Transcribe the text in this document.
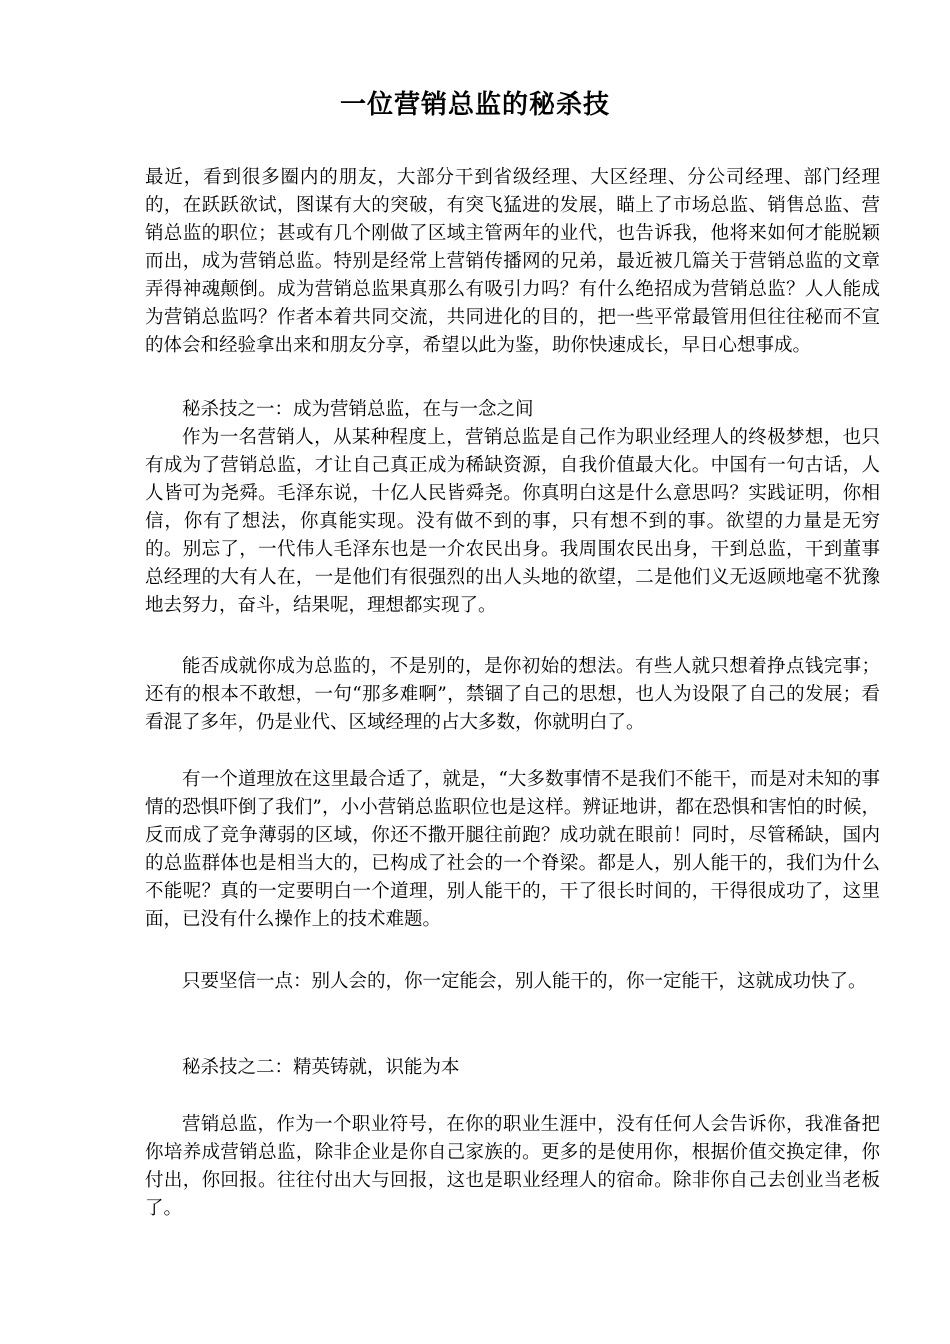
一位营销总监的秘杀技

最近，看到很多圈内的朋友，大部分干到省级经理、大区经理、分公司经理、部门经理的，在跃跃欲试，图谋有大的突破，有突飞猛进的发展，瞄上了市场总监、销售总监、营销总监的职位；甚或有几个刚做了区域主管两年的业代，也告诉我，他将来如何才能脱颖而出，成为营销总监。特别是经常上营销传播网的兄弟，最近被几篇关于营销总监的文章弄得神魂颠倒。成为营销总监果真那么有吸引力吗？有什么绝招成为营销总监？人人能成为营销总监吗？作者本着共同交流，共同进化的目的，把一些平常最管用但往往秘而不宣的体会和经验拿出来和朋友分享，希望以此为鉴，助你快速成长，早日心想事成。

秘杀技之一：成为营销总监，在与一念之间

作为一名营销人，从某种程度上，营销总监是自己作为职业经理人的终极梦想，也只有成为了营销总监，才让自己真正成为稀缺资源，自我价值最大化。中国有一句古话，人人皆可为尧舜。毛泽东说，十亿人民皆舜尧。你真明白这是什么意思吗？实践证明，你相信，你有了想法，你真能实现。没有做不到的事，只有想不到的事。欲望的力量是无穷的。别忘了，一代伟人毛泽东也是一介农民出身。我周围农民出身，干到总监，干到董事总经理的大有人在，一是他们有很强烈的出人头地的欲望，二是他们义无返顾地毫不犹豫地去努力，奋斗，结果呢，理想都实现了。

能否成就你成为总监的，不是别的，是你初始的想法。有些人就只想着挣点钱完事；还有的根本不敢想，一句“那多难啊”，禁锢了自己的思想，也人为设限了自己的发展；看看混了多年，仍是业代、区域经理的占大多数，你就明白了。

有一个道理放在这里最合适了，就是，“大多数事情不是我们不能干，而是对未知的事情的恐惧吓倒了我们”，小小营销总监职位也是这样。辨证地讲，都在恐惧和害怕的时候，反而成了竞争薄弱的区域，你还不撒开腿往前跑？成功就在眼前！同时，尽管稀缺，国内的总监群体也是相当大的，已构成了社会的一个脊梁。都是人，别人能干的，我们为什么不能呢？真的一定要明白一个道理，别人能干的，干了很长时间的，干得很成功了，这里面，已没有什么操作上的技术难题。

只要坚信一点：别人会的，你一定能会，别人能干的，你一定能干，这就成功快了。

秘杀技之二：精英铸就，识能为本

营销总监，作为一个职业符号，在你的职业生涯中，没有任何人会告诉你，我准备把你培养成营销总监，除非企业是你自己家族的。更多的是使用你，根据价值交换定律，你付出，你回报。往往付出大与回报，这也是职业经理人的宿命。除非你自己去创业当老板了。
